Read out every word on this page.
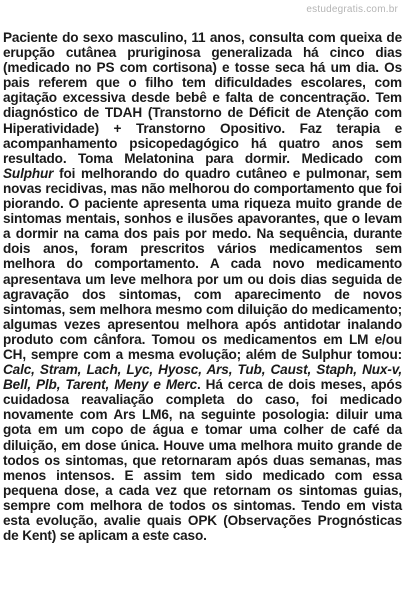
estudegratis.com.br

Paciente do sexo masculino, 11 anos, consulta com queixa de erupção cutânea pruriginosa generalizada há cinco dias (medicado no PS com cortisona) e tosse seca há um dia. Os pais referem que o filho tem dificuldades escolares, com agitação excessiva desde bebê e falta de concentração. Tem diagnóstico de TDAH (Transtorno de Déficit de Atenção com Hiperatividade) + Transtorno Opositivo. Faz terapia e acompanhamento psicopedagógico há quatro anos sem resultado. Toma Melatonina para dormir. Medicado com Sulphur foi melhorando do quadro cutâneo e pulmonar, sem novas recidivas, mas não melhorou do comportamento que foi piorando. O paciente apresenta uma riqueza muito grande de sintomas mentais, sonhos e ilusões apavorantes, que o levam a dormir na cama dos pais por medo. Na sequência, durante dois anos, foram prescritos vários medicamentos sem melhora do comportamento. A cada novo medicamento apresentava um leve melhora por um ou dois dias seguida de agravação dos sintomas, com aparecimento de novos sintomas, sem melhora mesmo com diluição do medicamento; algumas vezes apresentou melhora após antidotar inalando produto com cânfora. Tomou os medicamentos em LM e/ou CH, sempre com a mesma evolução; além de Sulphur tomou: Calc, Stram, Lach, Lyc, Hyosc, Ars, Tub, Caust, Staph, Nux-v, Bell, Plb, Tarent, Meny e Merc. Há cerca de dois meses, após cuidadosa reavaliação completa do caso, foi medicado novamente com Ars LM6, na seguinte posologia: diluir uma gota em um copo de água e tomar uma colher de café da diluição, em dose única. Houve uma melhora muito grande de todos os sintomas, que retornaram após duas semanas, mas menos intensos. E assim tem sido medicado com essa pequena dose, a cada vez que retornam os sintomas guias, sempre com melhora de todos os sintomas. Tendo em vista esta evolução, avalie quais OPK (Observações Prognósticas de Kent) se aplicam a este caso.
